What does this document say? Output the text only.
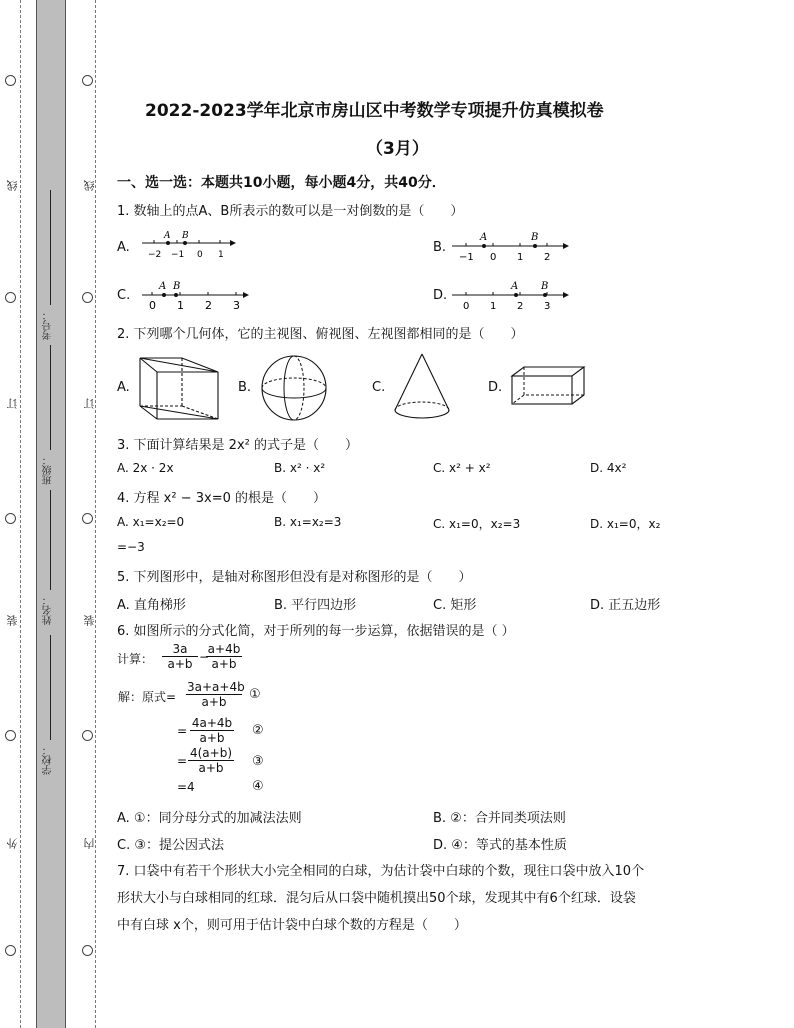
线
订
装
外
线
订
装
内
考号：
班级：
姓名：
学校：
2022-2023学年北京市房山区中考数学专项提升仿真模拟卷
（3月）
一、选一选：本题共10小题，每小题4分，共40分．
1. 数轴上的点A、B所表示的数可以是一对倒数的是（　　）
A.
A B
−2 −1 0 1	B.
A	B
−1 0 1 2
C.
A B
0 1 2 3
D.
A B
0 1 2 3
2. 下列哪个几何体，它的主视图、俯视图、左视图都相同的是（　　）
A.	B.	C.	D.
3. 下面计算结果是 2x² 的式子是（　　）
A. 2x · 2x	B. x² · x²	C. x² + x²	D. 4x²
4. 方程 x² − 3x=0 的根是（　　）
A. x₁=x₂=0	B. x₁=x₂=3	C. x₁=0，x₂=3	D. x₁=0，x₂
=−3
5. 下列图形中，是轴对称图形但没有是对称图形的是（　　）
A. 直角梯形	B. 平行四边形	C. 矩形	D. 正五边形
6. 如图所示的分式化简，对于所列的每一步运算，依据错误的是（ ）
计算： $\frac{3a}{a+b}$ −
$\frac{a+4b}{a+b}$
解：原式= $\frac{3a+a+4b}{a+b}$ ①
= $\frac{4a+4b}{a+b}$ ②
= $\frac{4(a+b)}{a+b}$ ③
=4	④
A. ①：同分母分式的加减法法则	B. ②：合并同类项法则
C. ③：提公因式法	D. ④：等式的基本性质
7. 口袋中有若干个形状大小完全相同的白球，为估计袋中白球的个数，现往口袋中放入10个
形状大小与白球相同的红球．混匀后从口袋中随机摸出50个球，发现其中有6个红球．设袋
中有白球 x个，则可用于估计袋中白球个数的方程是（　　）
